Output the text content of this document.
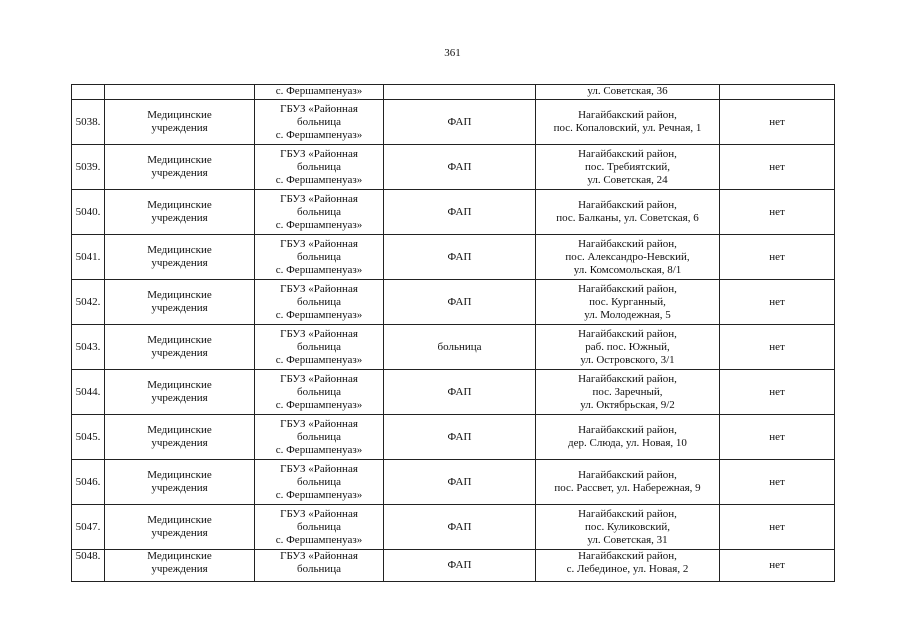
361
		с. Фершампенуаз»		ул. Советская, 36	
5038.	Медицинские
учреждения	ГБУЗ «Районная
больница
с. Фершампенуаз»	ФАП	Нагайбакский район,
пос. Копаловский, ул. Речная, 1	нет
5039.	Медицинские
учреждения	ГБУЗ «Районная
больница
с. Фершампенуаз»	ФАП	Нагайбакский район,
пос. Требиятский,
ул. Советская, 24	нет
5040.	Медицинские
учреждения	ГБУЗ «Районная
больница
с. Фершампенуаз»	ФАП	Нагайбакский район,
пос. Балканы, ул. Советская, 6	нет
5041.	Медицинские
учреждения	ГБУЗ «Районная
больница
с. Фершампенуаз»	ФАП	Нагайбакский район,
пос. Александро-Невский,
ул. Комсомольская, 8/1	нет
5042.	Медицинские
учреждения	ГБУЗ «Районная
больница
с. Фершампенуаз»	ФАП	Нагайбакский район,
пос. Курганный,
ул. Молодежная, 5	нет
5043.	Медицинские
учреждения	ГБУЗ «Районная
больница
с. Фершампенуаз»	больница	Нагайбакский район,
раб. пос. Южный,
ул. Островского, 3/1	нет
5044.	Медицинские
учреждения	ГБУЗ «Районная
больница
с. Фершампенуаз»	ФАП	Нагайбакский район,
пос. Заречный,
ул. Октябрьская, 9/2	нет
5045.	Медицинские
учреждения	ГБУЗ «Районная
больница
с. Фершампенуаз»	ФАП	Нагайбакский район,
дер. Слюда, ул. Новая, 10	нет
5046.	Медицинские
учреждения	ГБУЗ «Районная
больница
с. Фершампенуаз»	ФАП	Нагайбакский район,
пос. Рассвет, ул. Набережная, 9	нет
5047.	Медицинские
учреждения	ГБУЗ «Районная
больница
с. Фершампенуаз»	ФАП	Нагайбакский район,
пос. Куликовский,
ул. Советская, 31	нет
5048.	Медицинские
учреждения	ГБУЗ «Районная
больница	ФАП	Нагайбакский район,
с. Лебединое, ул. Новая, 2	нет
